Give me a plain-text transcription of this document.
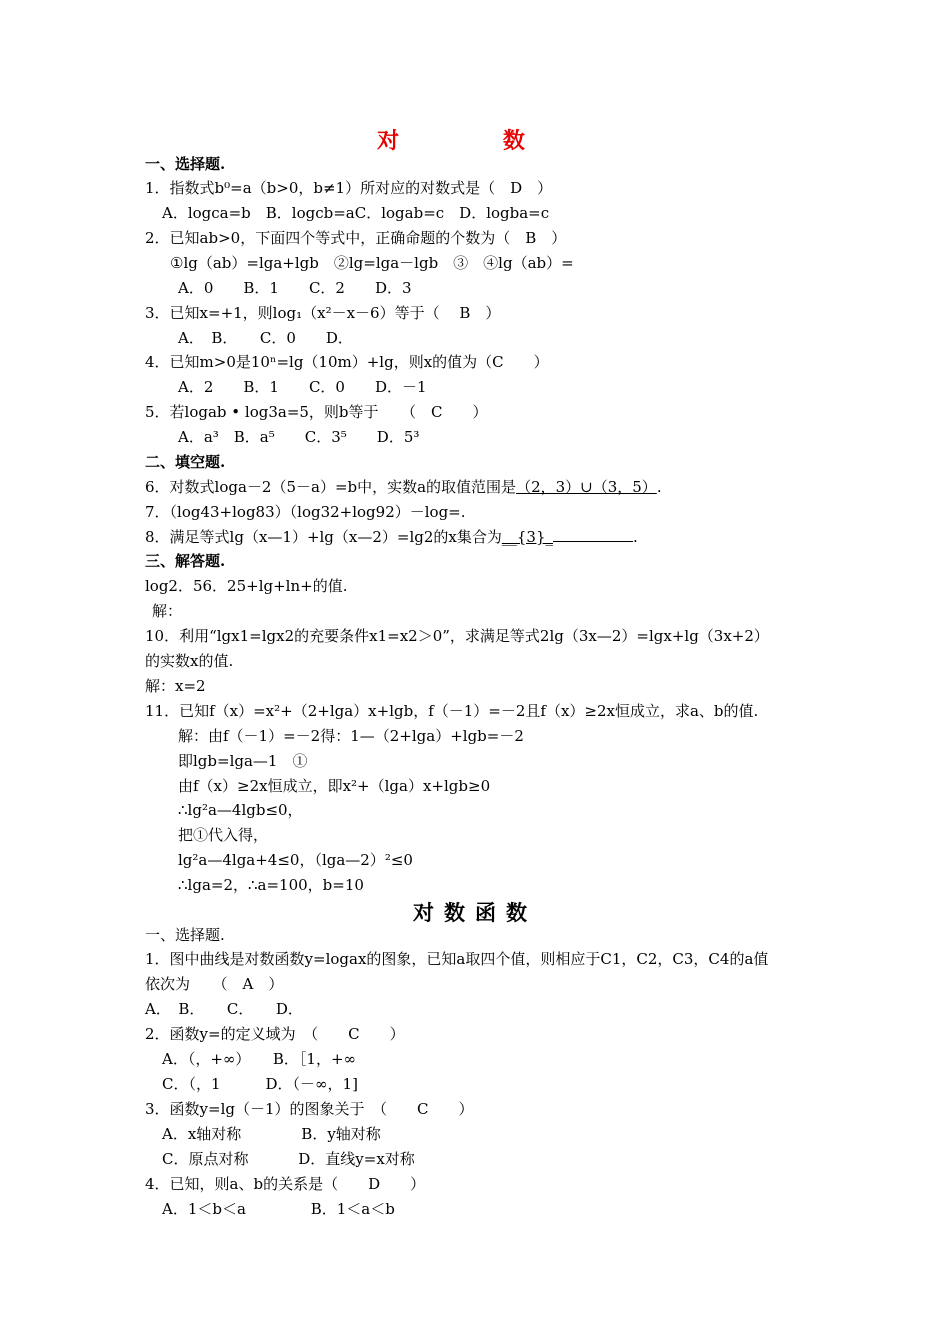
对 数
一、选择题.
1．指数式b⁰=a（b>0，b≠1）所对应的对数式是（　D　）
A．logca=b　B．logcb=aC．logab=c　D．logba=c
2．已知ab>0，下面四个等式中，正确命题的个数为（　B　）
①lg（ab）=lga+lgb　②lg=lga－lgb　③　④lg（ab）=
A．0　　B．1　　C．2　　D．3
3．已知x=+1，则log₁（x²－x－6）等于（　 B　）
A．　B．　　C．0　　D．
4．已知m>0是10ⁿ=lg（10m）+lg，则x的值为（C　　）
A．2　　B．1　　C．0　　D．－1
5．若logab • log3a=5，则b等于　　（　C　　）
A．a³　B．a⁵　　C．3⁵　　D．5³
二、填空题.
6．对数式loga－2（5－a）=b中，实数a的取值范围是（2，3）∪（3，5）.
7．（log43+log83）（log32+log92）－log=.
8．满足等式lg（x—1）+lg（x—2）=lg2的x集合为__{3}_	.
三、解答题.
log2．56．25+lg+ln+的值.
解：
10．利用“lgx1=lgx2的充要条件x1=x2＞0”，求满足等式2lg（3x—2）=lgx+lg（3x+2）
的实数x的值.
解：x=2
11．已知f（x）=x²+（2+lga）x+lgb，f（－1）=－2且f（x）≥2x恒成立，求a、b的值.
解：由f（－1）=－2得：1—（2+lga）+lgb=－2
即lgb=lga—1　①
由f（x）≥2x恒成立，即x²+（lga）x+lgb≥0
∴lg²a—4lgb≤0，
把①代入得，
lg²a—4lga+4≤0，（lga—2）²≤0
∴lga=2，∴a=100，b=10
对数函数
一、选择题.
1．图中曲线是对数函数y=logax的图象，已知a取四个值，则相应于C1，C2，C3，C4的a值
依次为　　（　A　）
A．　B．　　C．　　D．
2．函数y=的定义域为　（　　C　　）
A．（，+∞）　　B．［1，+∞
C．（，1　　　D．（－∞，1]
3．函数y=lg（－1）的图象关于　（　　C　　）
A．x轴对称　　　　B．y轴对称
C．原点对称　　　 D．直线y=x对称
4．已知，则a、b的关系是（　　D　　）
A．1＜b＜a　　　　 B．1＜a＜b
